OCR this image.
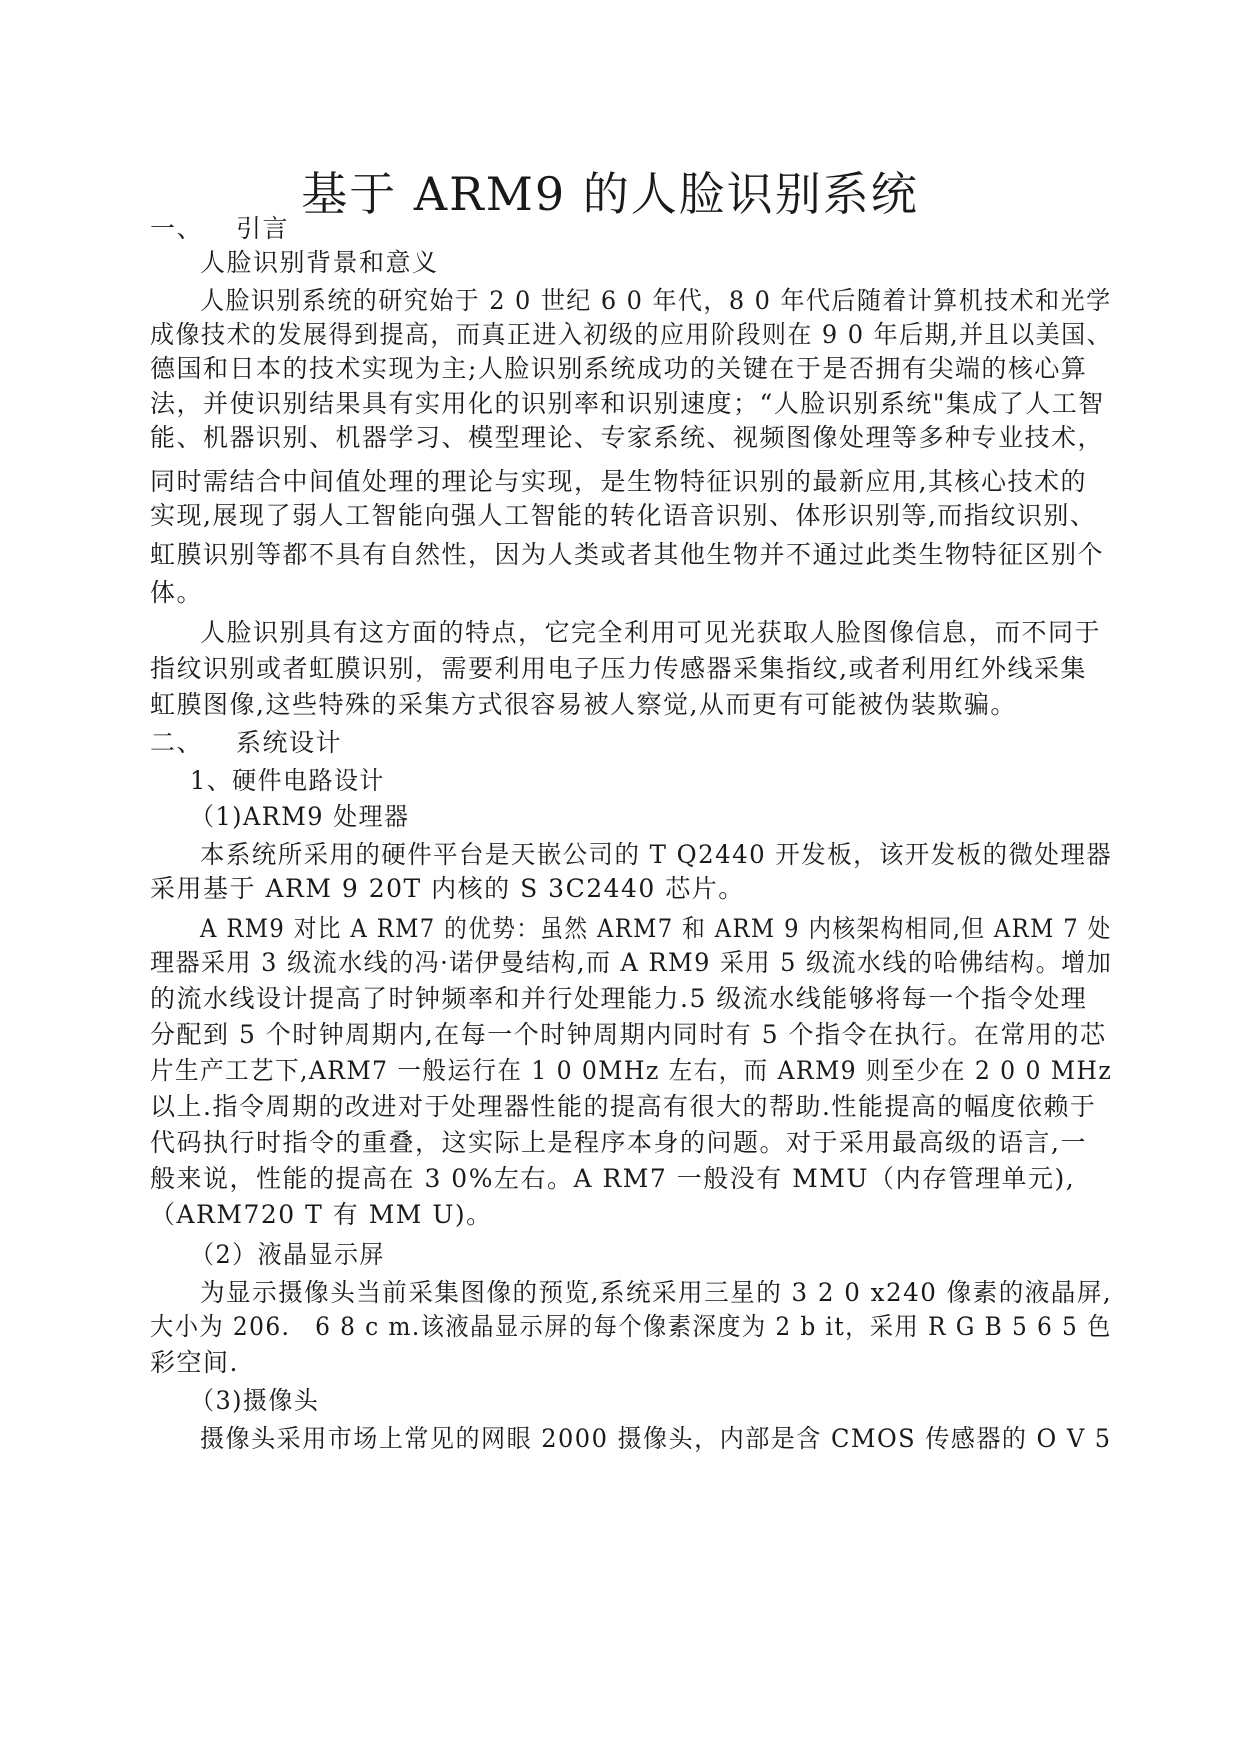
基于 ARM9 的人脸识别系统
一、 引言
人脸识别背景和意义
人脸识别系统的研究始于 2 0 世纪 6 0 年代，8 0 年代后随着计算机技术和光学
成像技术的发展得到提高，而真正进入初级的应用阶段则在 9 0 年后期,并且以美国、
德国和日本的技术实现为主;人脸识别系统成功的关键在于是否拥有尖端的核心算
法，并使识别结果具有实用化的识别率和识别速度；“人脸识别系统"集成了人工智
能、机器识别、机器学习、模型理论、专家系统、视频图像处理等多种专业技术，
同时需结合中间值处理的理论与实现，是生物特征识别的最新应用,其核心技术的
实现,展现了弱人工智能向强人工智能的转化语音识别、体形识别等,而指纹识别、
虹膜识别等都不具有自然性，因为人类或者其他生物并不通过此类生物特征区别个
体。
人脸识别具有这方面的特点，它完全利用可见光获取人脸图像信息，而不同于
指纹识别或者虹膜识别，需要利用电子压力传感器采集指纹,或者利用红外线采集
虹膜图像,这些特殊的采集方式很容易被人察觉,从而更有可能被伪装欺骗。
二、 系统设计
1、硬件电路设计
（1)ARM9 处理器
本系统所采用的硬件平台是天嵌公司的 T Q2440 开发板，该开发板的微处理器
采用基于 ARM 9 20T 内核的 S 3C2440 芯片。
A RM9 对比 A RM7 的优势：虽然 ARM7 和 ARM 9 内核架构相同,但 ARM 7 处
理器采用 3 级流水线的冯·诺伊曼结构,而 A RM9 采用 5 级流水线的哈佛结构。增加
的流水线设计提高了时钟频率和并行处理能力.5 级流水线能够将每一个指令处理
分配到 5 个时钟周期内,在每一个时钟周期内同时有 5 个指令在执行。在常用的芯
片生产工艺下,ARM7 一般运行在 1 0 0MHz 左右，而 ARM9 则至少在 2 0 0 MHz
以上.指令周期的改进对于处理器性能的提高有很大的帮助.性能提高的幅度依赖于
代码执行时指令的重叠，这实际上是程序本身的问题。对于采用最高级的语言,一
般来说，性能的提高在 3 0%左右。A RM7 一般没有 MMU（内存管理单元),
（ARM720 T 有 MM U)。
（2）液晶显示屏
为显示摄像头当前采集图像的预览,系统采用三星的 3 2 0 x240 像素的液晶屏,
大小为 206． 6 8 c m.该液晶显示屏的每个像素深度为 2 b it，采用 R G B 5 6 5 色
彩空间.
（3)摄像头
摄像头采用市场上常见的网眼 2000 摄像头，内部是含 CMOS 传感器的 O V 5
